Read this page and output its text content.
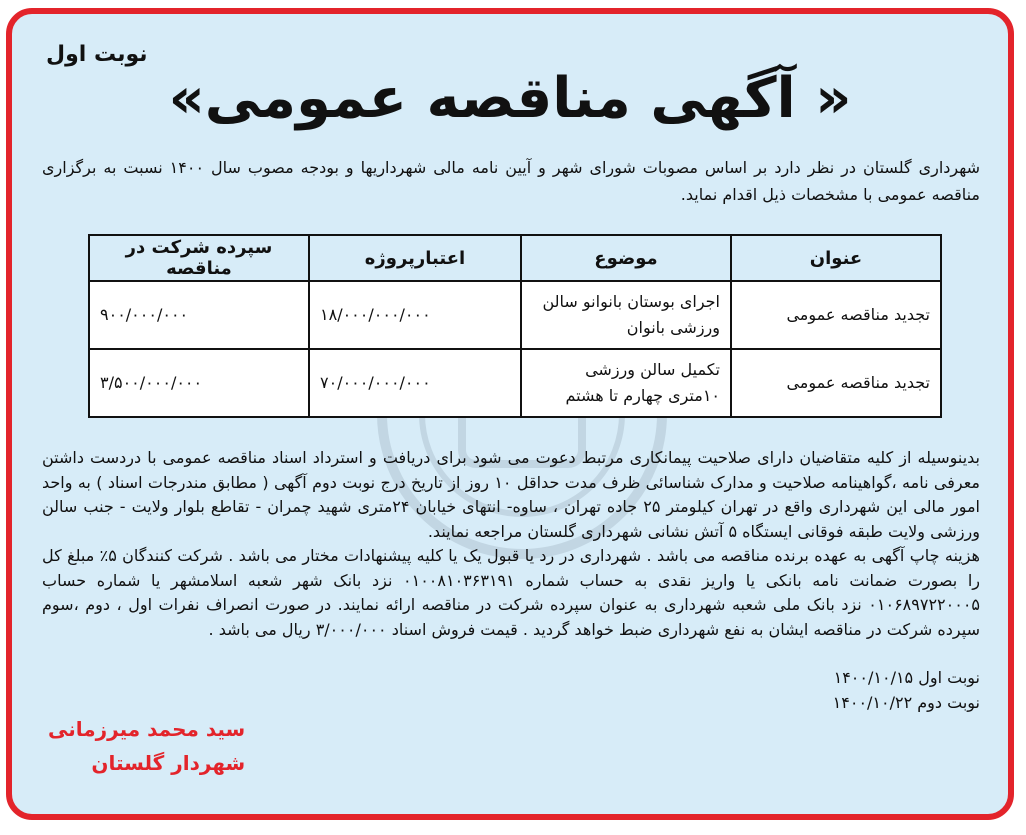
نوبت اول
« آگهی مناقصه عمومی»
شهرداری گلستان در نظر دارد بر اساس مصوبات شورای شهر و آیین نامه مالی شهرداریها و بودجه مصوب سال ۱۴۰۰ نسبت به برگزاری مناقصه عمومی با مشخصات ذیل اقدام نماید.
عنوان	موضوع	اعتبارپروژه	سپرده شرکت در مناقصه
تجدید مناقصه عمومی	اجرای بوستان بانوانو سالن ورزشی بانوان	۱۸/۰۰۰/۰۰۰/۰۰۰	۹۰۰/۰۰۰/۰۰۰
تجدید مناقصه عمومی	تکمیل سالن ورزشی ۱۰متری چهارم تا هشتم	۷۰/۰۰۰/۰۰۰/۰۰۰	۳/۵۰۰/۰۰۰/۰۰۰
بدینوسیله از کلیه متقاضیان دارای صلاحیت پیمانکاری مرتبط دعوت می شود برای دریافت و استرداد اسناد مناقصه عمومی با دردست داشتن معرفی نامه ،گواهینامه صلاحیت و مدارک شناسائی ظرف مدت حداقل ۱۰ روز از تاریخ درج نوبت دوم آگهی ( مطابق مندرجات اسناد ) به واحد امور مالی این شهرداری واقع در تهران کیلومتر ۲۵ جاده تهران ، ساوه- انتهای خیابان ۲۴متری شهید چمران - تقاطع بلوار ولایت - جنب سالن ورزشی ولایت طبقه فوقانی ایستگاه ۵ آتش نشانی شهرداری گلستان مراجعه نمایند.
هزینه چاپ آگهی به عهده برنده مناقصه می باشد . شهرداری در رد یا قبول یک یا کلیه پیشنهادات مختار می باشد . شرکت کنندگان ۵٪ مبلغ کل را بصورت ضمانت نامه بانکی یا واریز نقدی به حساب شماره ۰۱۰۰۸۱۰۳۶۳۱۹۱ نزد بانک شهر شعبه اسلامشهر یا شماره حساب ۰۱۰۶۸۹۷۲۲۰۰۰۵ نزد بانک ملی شعبه شهرداری به عنوان سپرده شرکت در مناقصه ارائه نمایند. در صورت انصراف نفرات اول ، دوم ،سوم سپرده شرکت در مناقصه ایشان به نفع شهرداری ضبط خواهد گردید . قیمت فروش اسناد ۳/۰۰۰/۰۰۰ ریال می باشد .
نوبت اول ۱۴۰۰/۱۰/۱۵
نوبت دوم ۱۴۰۰/۱۰/۲۲
سید محمد میرزمانی
شهردار گلستان
